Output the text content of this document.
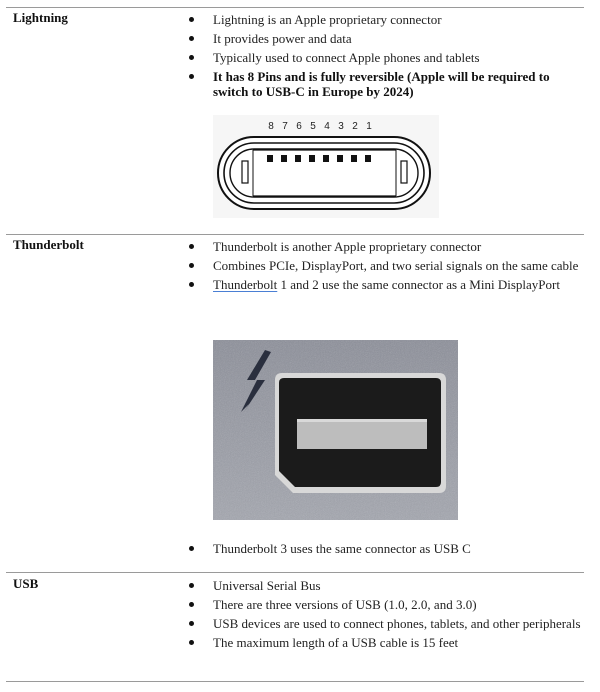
Lightning	Lightning is an Apple proprietary connector
It provides power and data
Typically used to connect Apple phones and tablets
It has 8 Pins and is fully reversible (Apple will be required to switch to USB-C in Europe by 2024)
8 7 6 5 4 3 2 1
Thunderbolt	Thunderbolt is another Apple proprietary connector
Combines PCIe, DisplayPort, and two serial signals on the same cable
Thunderbolt 1 and 2 use the same connector as a Mini DisplayPort
Thunderbolt 3 uses the same connector as USB C
USB	Universal Serial Bus
There are three versions of USB (1.0, 2.0, and 3.0)
USB devices are used to connect phones, tablets, and other peripherals
The maximum length of a USB cable is 15 feet
